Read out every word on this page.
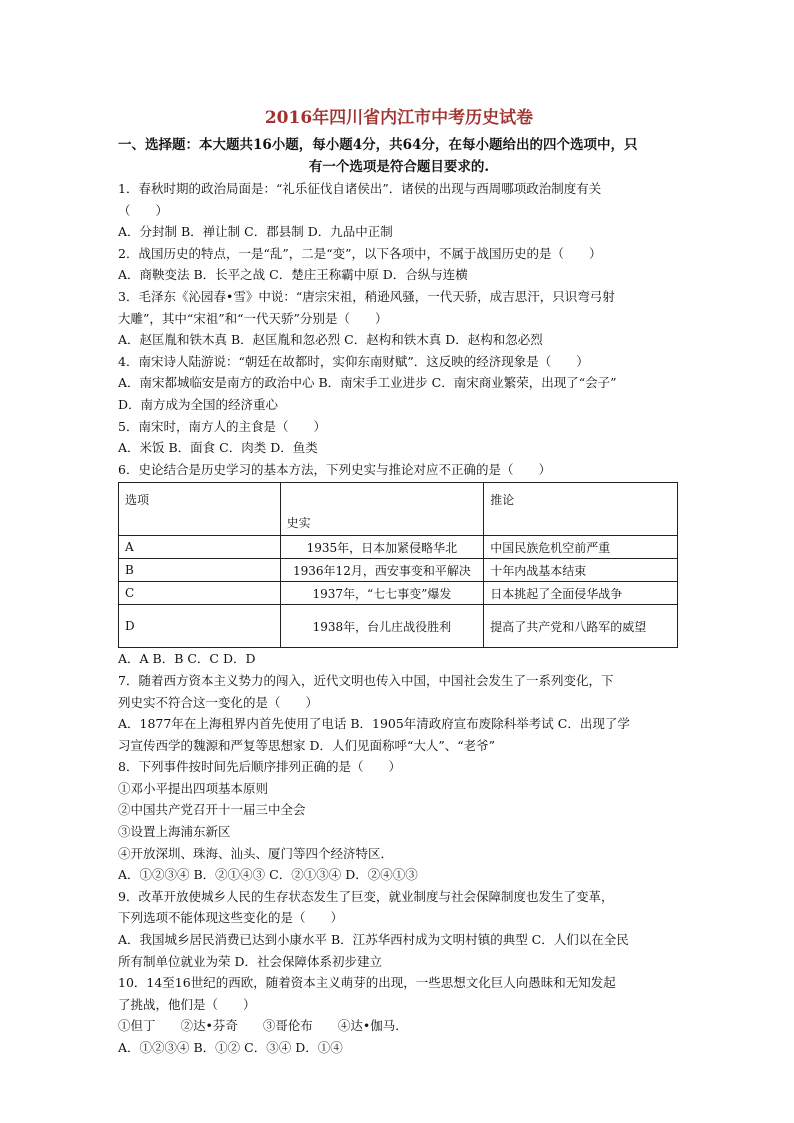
2016年四川省内江市中考历史试卷
一、选择题：本大题共16小题，每小题4分，共64分，在每小题给出的四个选项中，只
有一个选项是符合题目要求的.

1．春秋时期的政治局面是：“礼乐征伐自诸侯出”．诸侯的出现与西周哪项政治制度有关

（　　）

A．分封制 B．禅让制 C．郡县制 D．九品中正制

2．战国历史的特点，一是“乱”，二是“变”，以下各项中，不属于战国历史的是（　　）

A．商鞅变法 B．长平之战 C．楚庄王称霸中原 D．合纵与连横

3．毛泽东《沁园春•雪》中说：“唐宗宋祖，稍逊风骚，一代天骄，成吉思汗，只识弯弓射

大雕”，其中“宋祖”和“一代天骄”分别是（　　）

A．赵匡胤和铁木真 B．赵匡胤和忽必烈 C．赵构和铁木真 D．赵构和忽必烈

4．南宋诗人陆游说：“朝廷在故都时，实仰东南财赋”．这反映的经济现象是（　　）

A．南宋都城临安是南方的政治中心 B．南宋手工业进步 C．南宋商业繁荣，出现了“会子”

D．南方成为全国的经济重心

5．南宋时，南方人的主食是（　　）

A．米饭 B．面食 C．肉类 D．鱼类

6．史论结合是历史学习的基本方法，下列史实与推论对应不正确的是（　　）

选项	史实	推论
A	1935年，日本加紧侵略华北	中国民族危机空前严重
B	1936年12月，西安事变和平解决	十年内战基本结束
C	1937年，“七七事变”爆发	日本挑起了全面侵华战争
D	1938年，台儿庄战役胜利	提高了共产党和八路军的威望

A．A B．B C．C D．D

7．随着西方资本主义势力的闯入，近代文明也传入中国，中国社会发生了一系列变化，下

列史实不符合这一变化的是（　　）

A．1877年在上海租界内首先使用了电话 B．1905年清政府宣布废除科举考试 C．出现了学

习宣传西学的魏源和严复等思想家 D．人们见面称呼“大人”、“老爷”

8．下列事件按时间先后顺序排列正确的是（　　）

①邓小平提出四项基本原则

②中国共产党召开十一届三中全会

③设置上海浦东新区

④开放深圳、珠海、汕头、厦门等四个经济特区．

A．①②③④ B．②①④③ C．②①③④ D．②④①③

9．改革开放使城乡人民的生存状态发生了巨变，就业制度与社会保障制度也发生了变革，

下列选项不能体现这些变化的是（　　）

A．我国城乡居民消费已达到小康水平 B．江苏华西村成为文明村镇的典型 C．人们以在全民

所有制单位就业为荣 D．社会保障体系初步建立

10．14至16世纪的西欧，随着资本主义萌芽的出现，一些思想文化巨人向愚昧和无知发起

了挑战，他们是（　　）

①但丁　　②达•芬奇　　③哥伦布　　④达•伽马．

A．①②③④ B．①② C．③④ D．①④
